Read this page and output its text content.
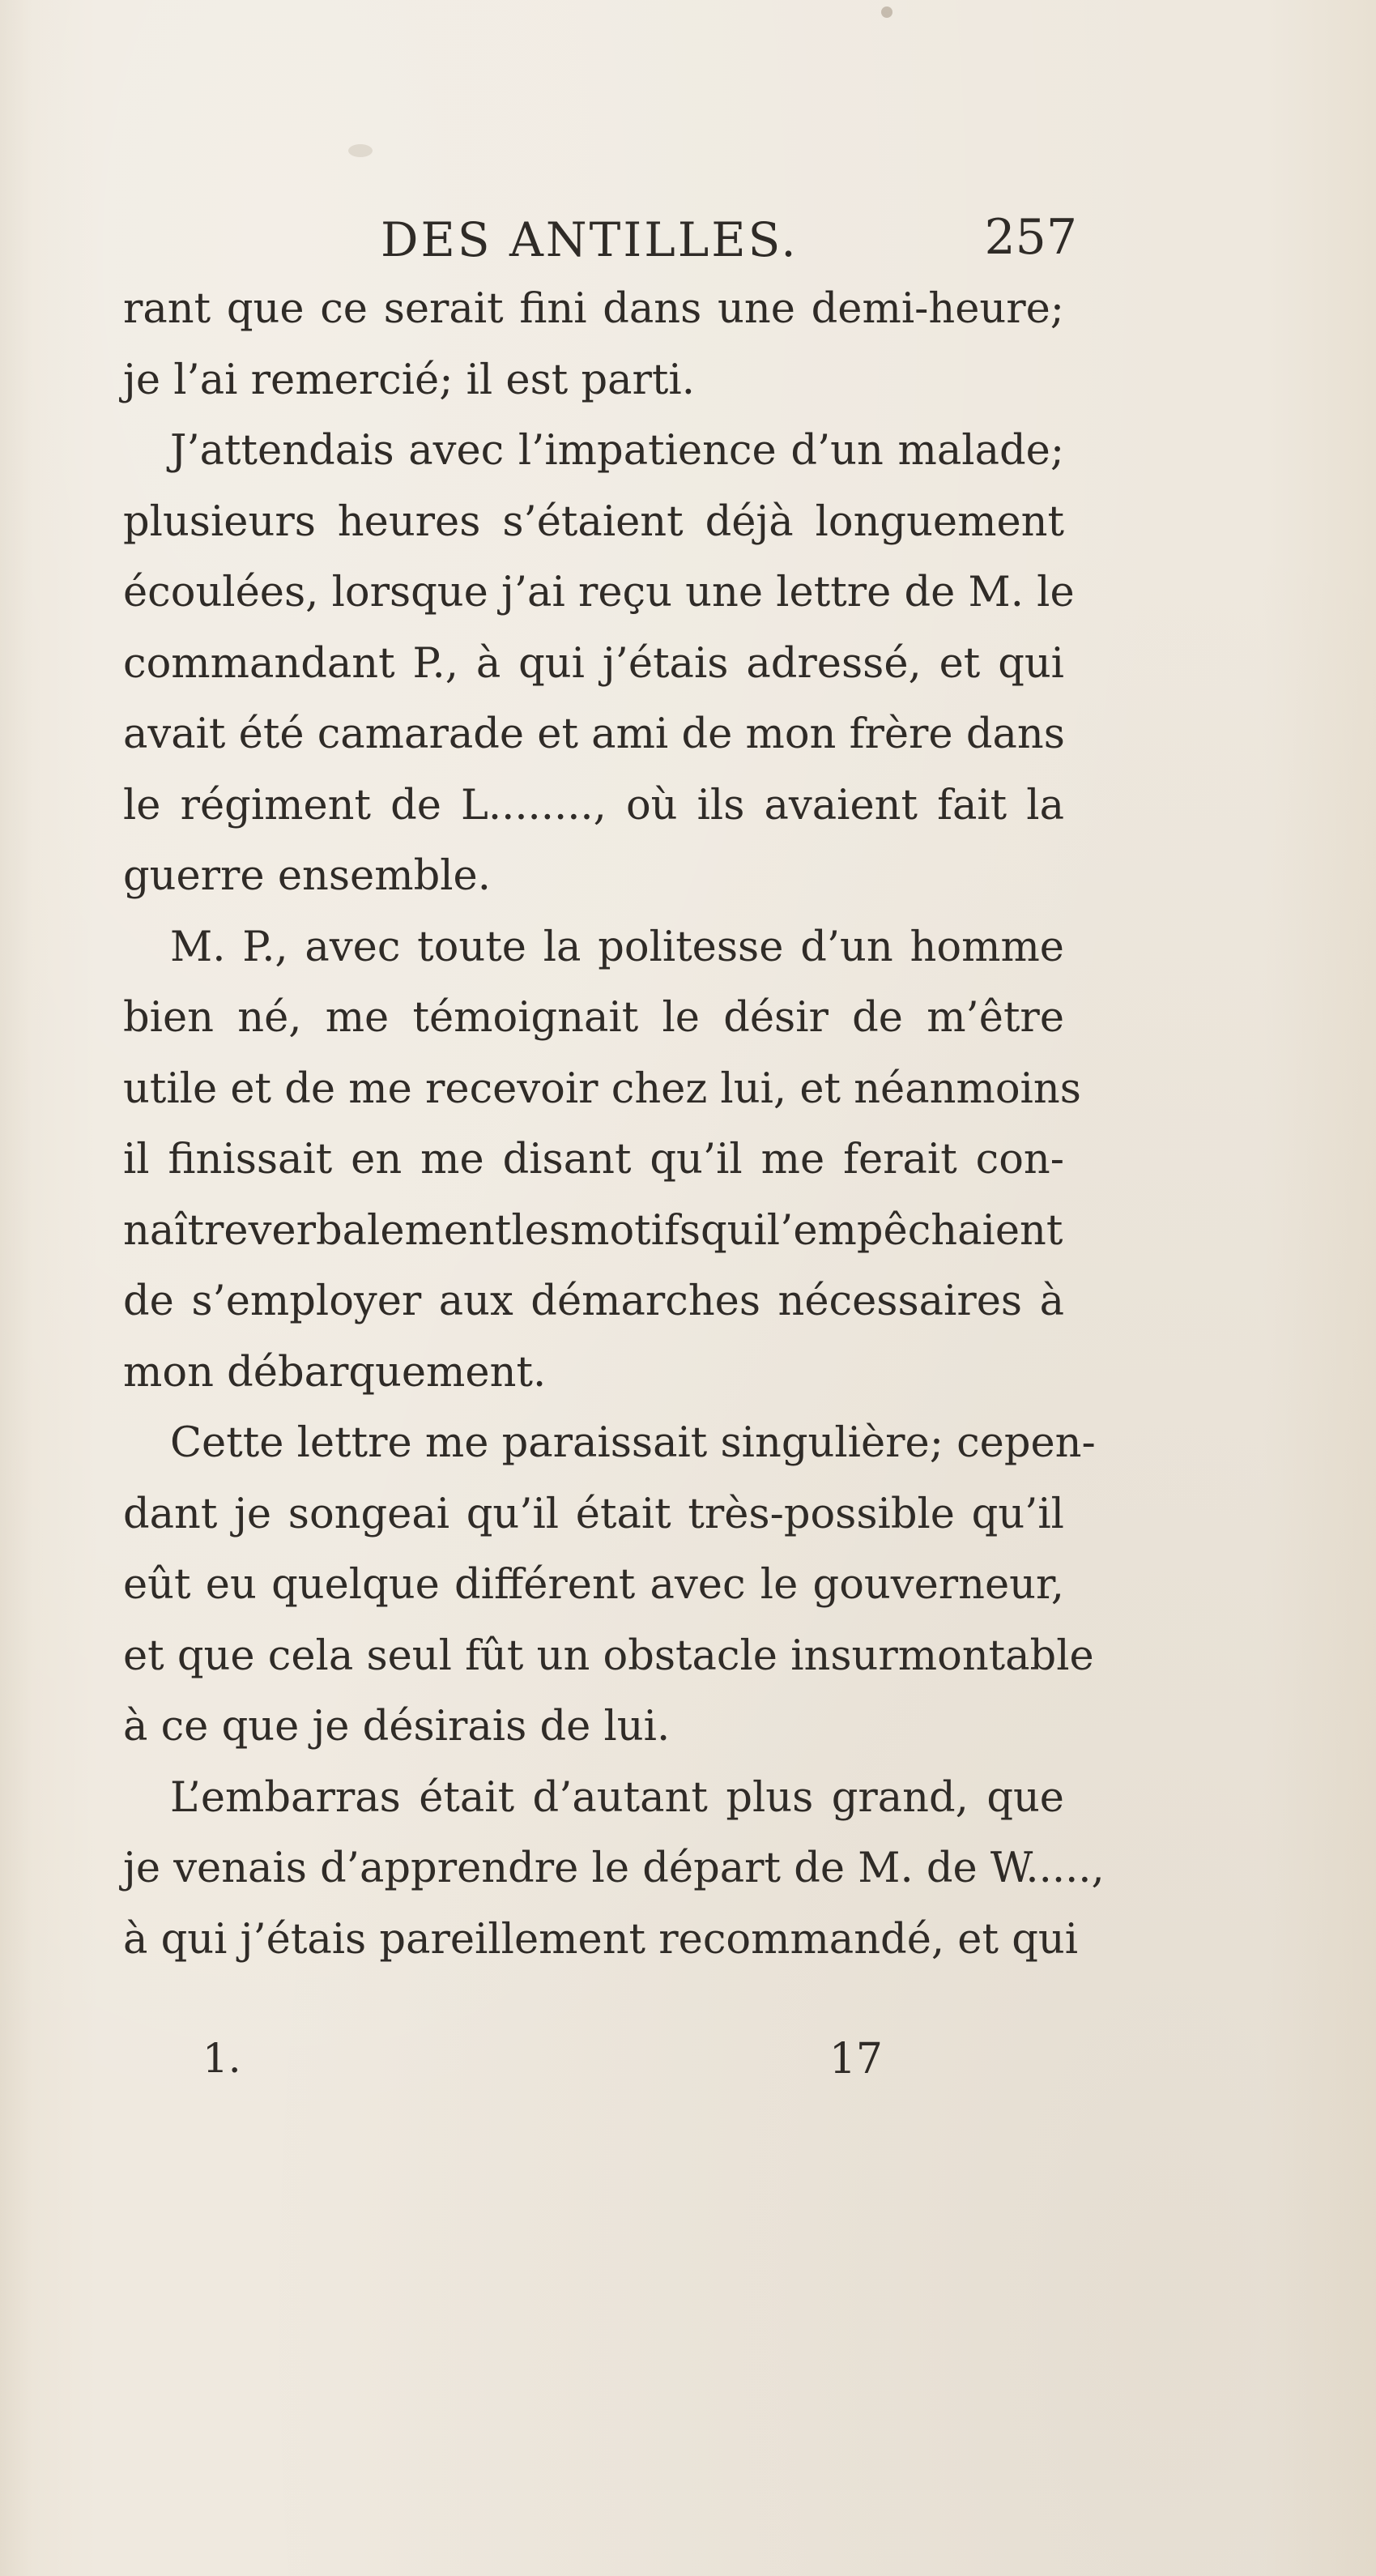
DES ANTILLES.	257
rant que ce serait fini dans une demi-heure;
je l’ai remercié; il est parti.
J’attendais avec l’impatience d’un malade;
plusieurs heures s’étaient déjà longuement
écoulées, lorsque j’ai reçu une lettre de M. le
commandant P., à qui j’étais adressé, et qui
avait été camarade et ami de mon frère dans
le régiment de L........, où ils avaient fait la
guerre ensemble.
M. P., avec toute la politesse d’un homme
bien né, me témoignait le désir de m’être
utile et de me recevoir chez lui, et néanmoins
il finissait en me disant qu’il me ferait con-
naîtreverbalementlesmotifsquil’empêchaient
de s’employer aux démarches nécessaires à
mon débarquement.
Cette lettre me paraissait singulière; cepen-
dant je songeai qu’il était très-possible qu’il
eût eu quelque différent avec le gouverneur,
et que cela seul fût un obstacle insurmontable
à ce que je désirais de lui.
L’embarras était d’autant plus grand, que
je venais d’apprendre le départ de M. de W.....,
à qui j’étais pareillement recommandé, et qui
1.	17
